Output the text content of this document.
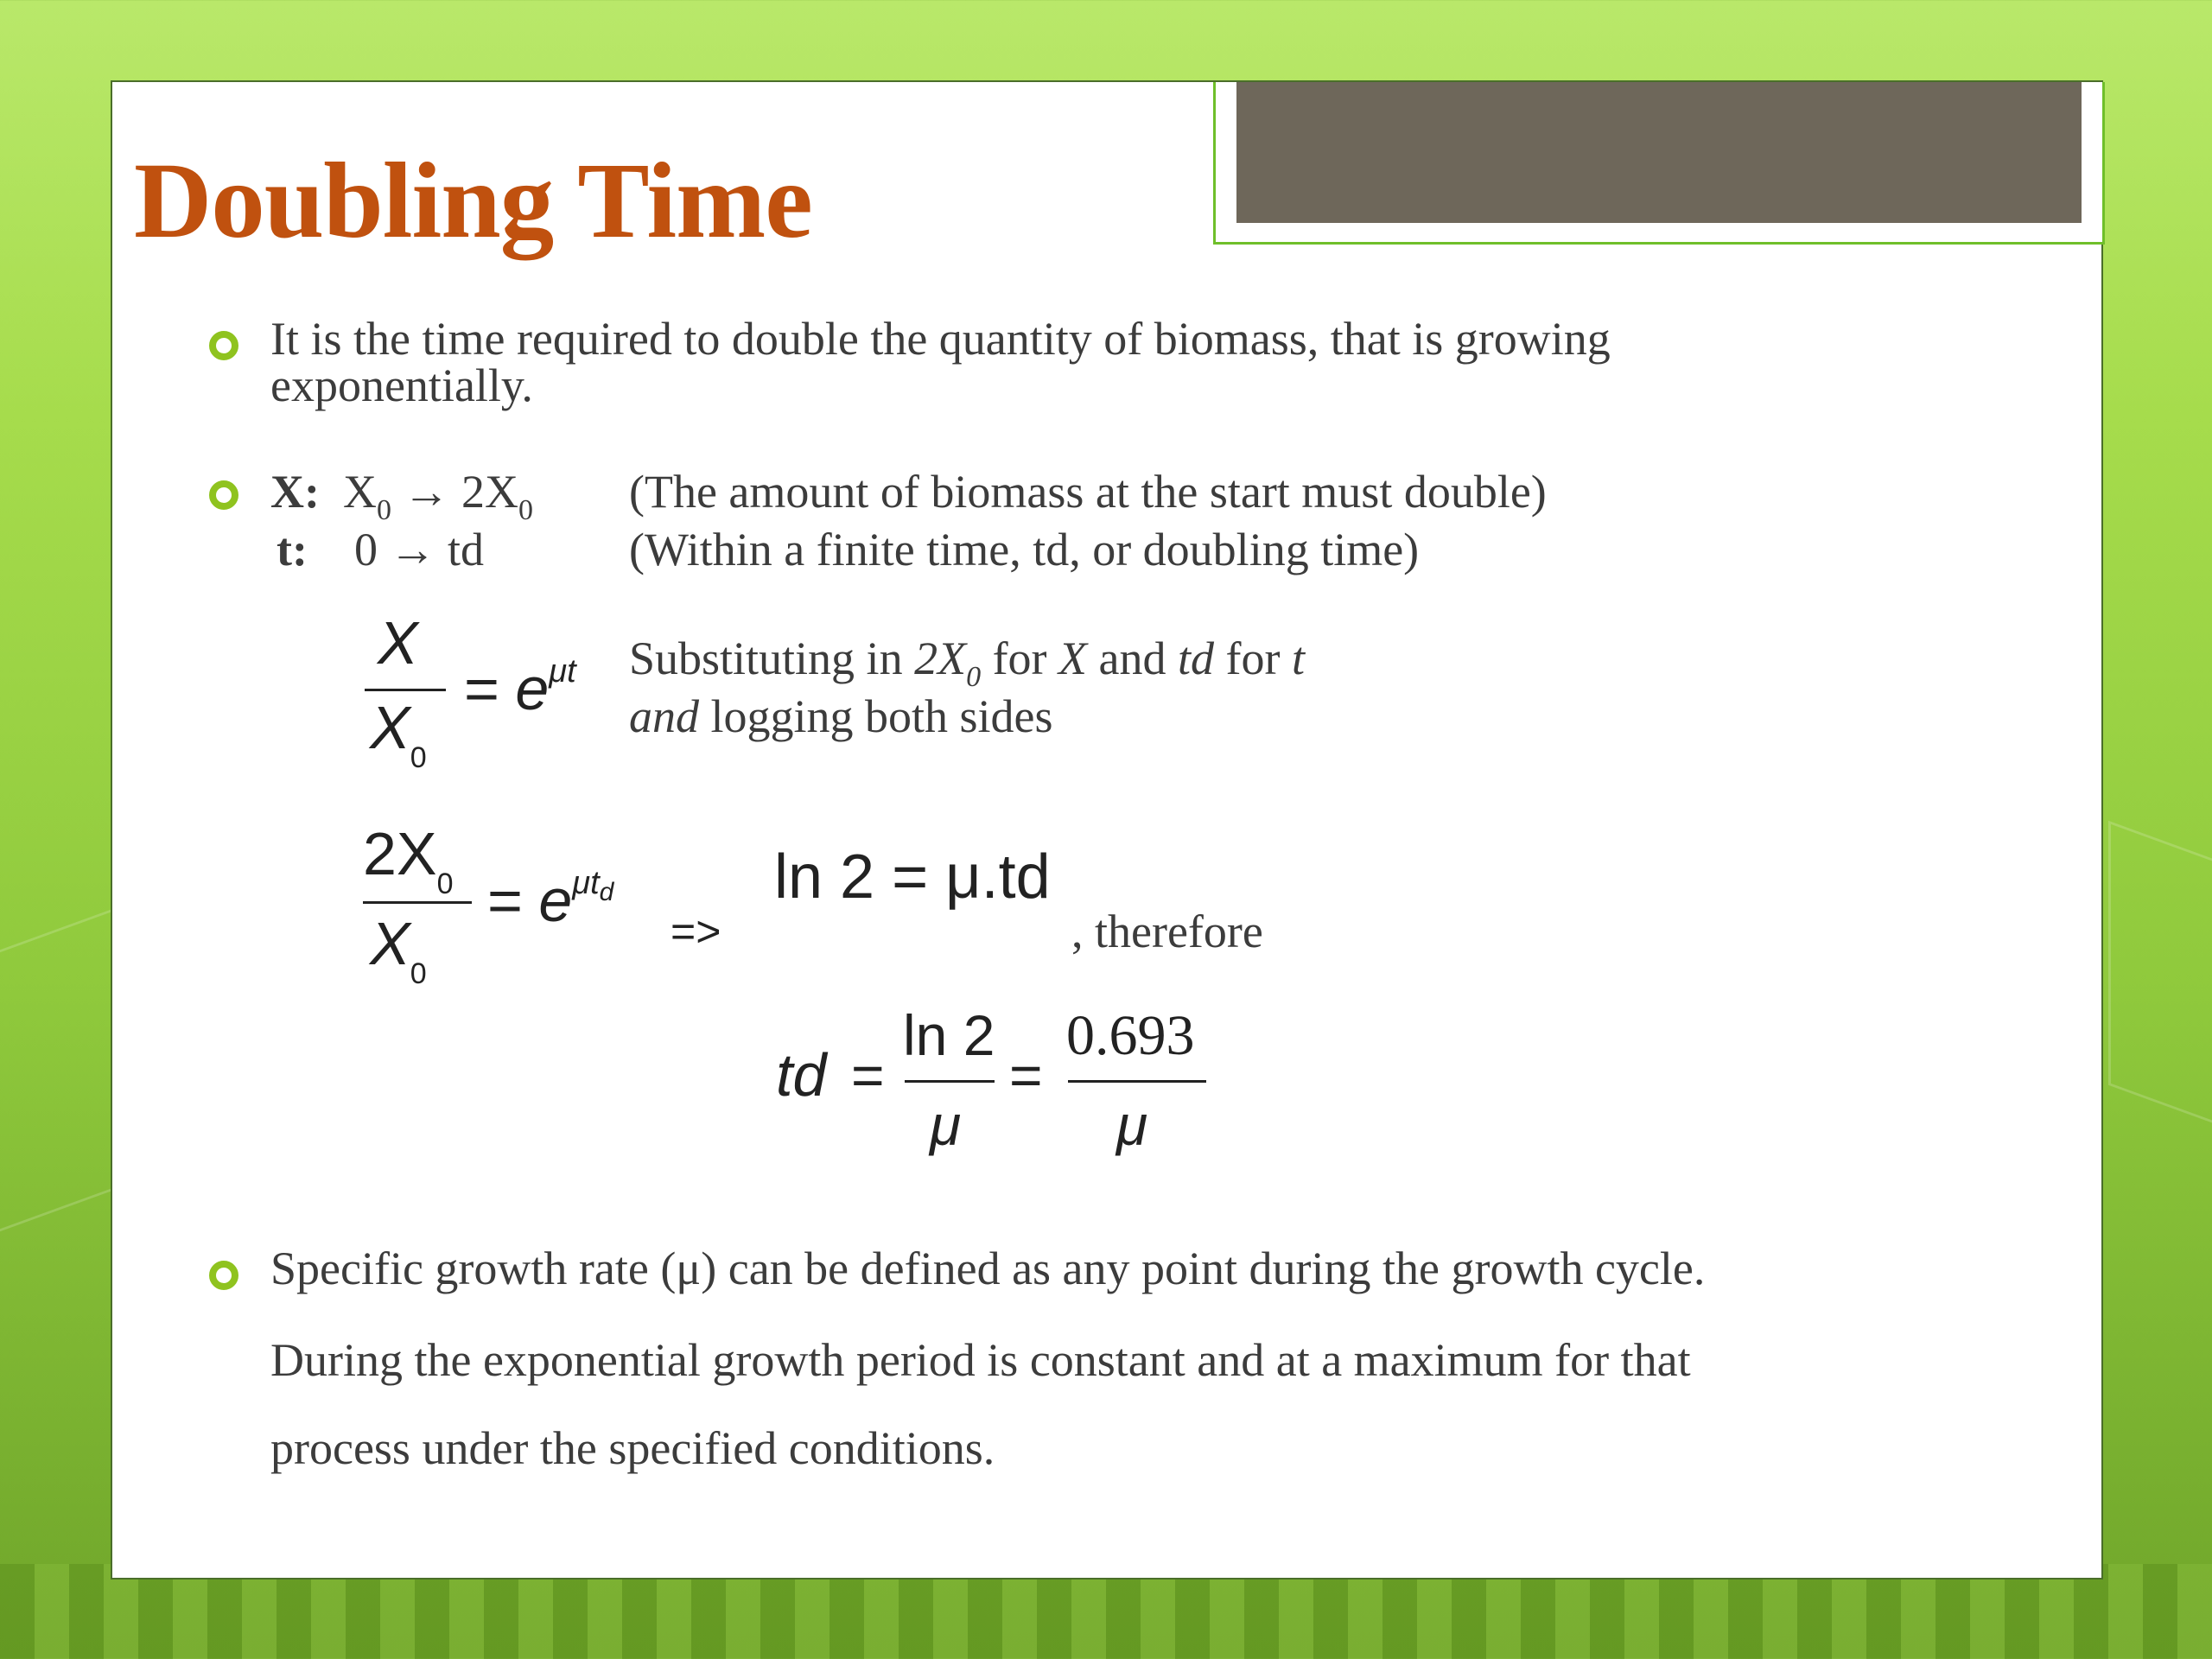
Doubling Time
It is the time required to double the quantity of biomass, that is growing
exponentially.
X: $X_0 \to 2X_0$ (The amount of biomass at the start must double)
t: 0 → td	(Within a finite time, td, or doubling time)
X
$X_0$
= $e^{\mu t}$ Substituting in $2X_0$ for X and td for t
and logging both sides
$2X_0$
$X_0$
= $e^{\mu td}$
=>
ln 2 = μ.td
, therefore
td =
ln 2
μ
=
0.693
μ
Specific growth rate (μ) can be defined as any point during the growth cycle.
During the exponential growth period is constant and at a maximum for that
process under the specified conditions.
